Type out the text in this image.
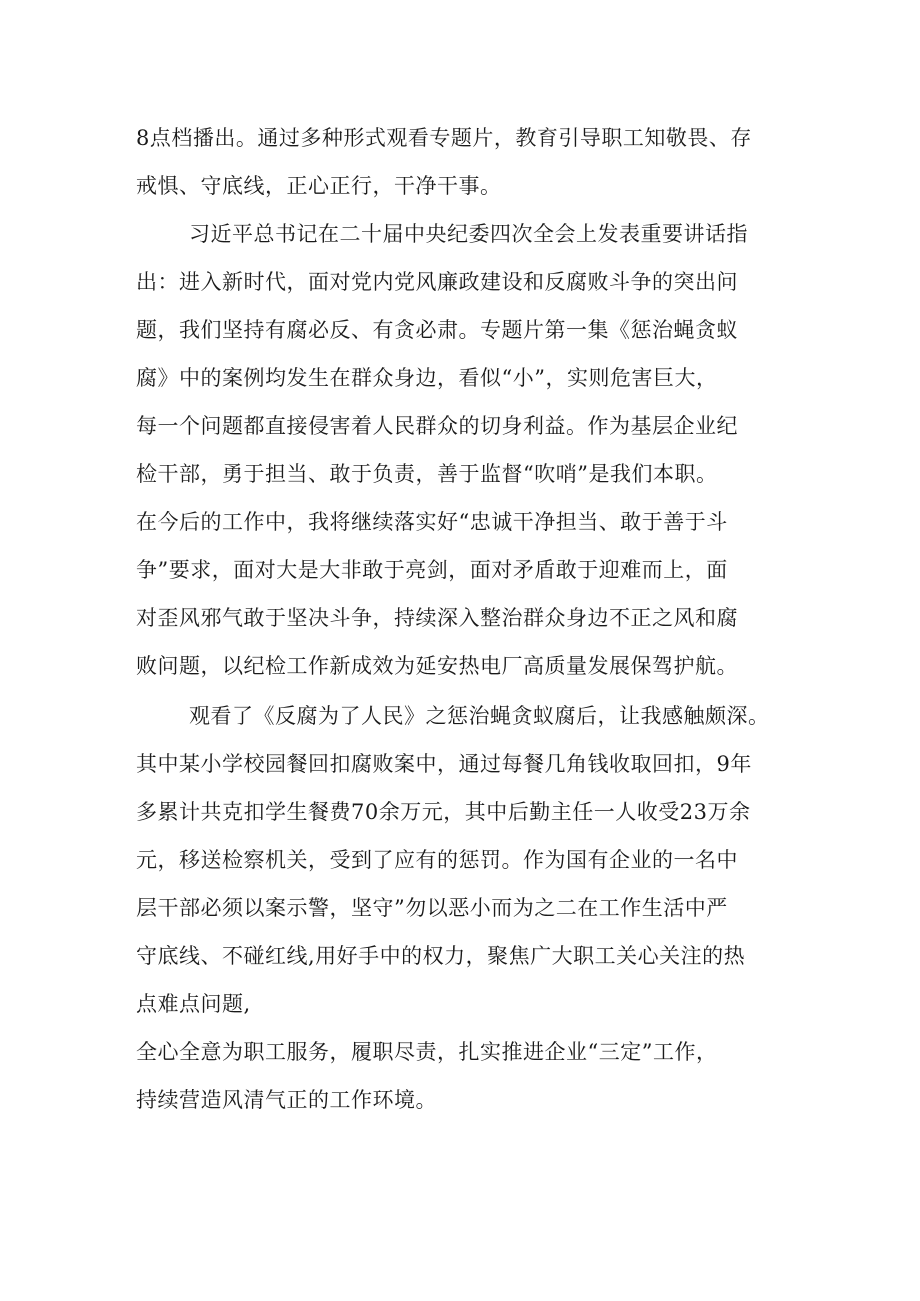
8点档播出。通过多种形式观看专题片，教育引导职工知敬畏、存
戒惧、守底线，正心正行，干净干事。
习近平总书记在二十届中央纪委四次全会上发表重要讲话指
出：进入新时代，面对党内党风廉政建设和反腐败斗争的突出问
题，我们坚持有腐必反、有贪必肃。专题片第一集《惩治蝇贪蚁
腐》中的案例均发生在群众身边，看似“小”，实则危害巨大，
每一个问题都直接侵害着人民群众的切身利益。作为基层企业纪
检干部，勇于担当、敢于负责，善于监督“吹哨”是我们本职。
在今后的工作中，我将继续落实好“忠诚干净担当、敢于善于斗
争”要求，面对大是大非敢于亮剑，面对矛盾敢于迎难而上，面
对歪风邪气敢于坚决斗争，持续深入整治群众身边不正之风和腐
败问题，以纪检工作新成效为延安热电厂高质量发展保驾护航。
观看了《反腐为了人民》之惩治蝇贪蚁腐后，让我感触颇深。
其中某小学校园餐回扣腐败案中，通过每餐几角钱收取回扣，9年
多累计共克扣学生餐费70余万元，其中后勤主任一人收受23万余
元，移送检察机关，受到了应有的惩罚。作为国有企业的一名中
层干部必须以案示警，坚守”勿以恶小而为之二在工作生活中严
守底线、不碰红线,用好手中的权力，聚焦广大职工关心关注的热
点难点问题,
全心全意为职工服务，履职尽责，扎实推进企业“三定”工作，
持续营造风清气正的工作环境。
